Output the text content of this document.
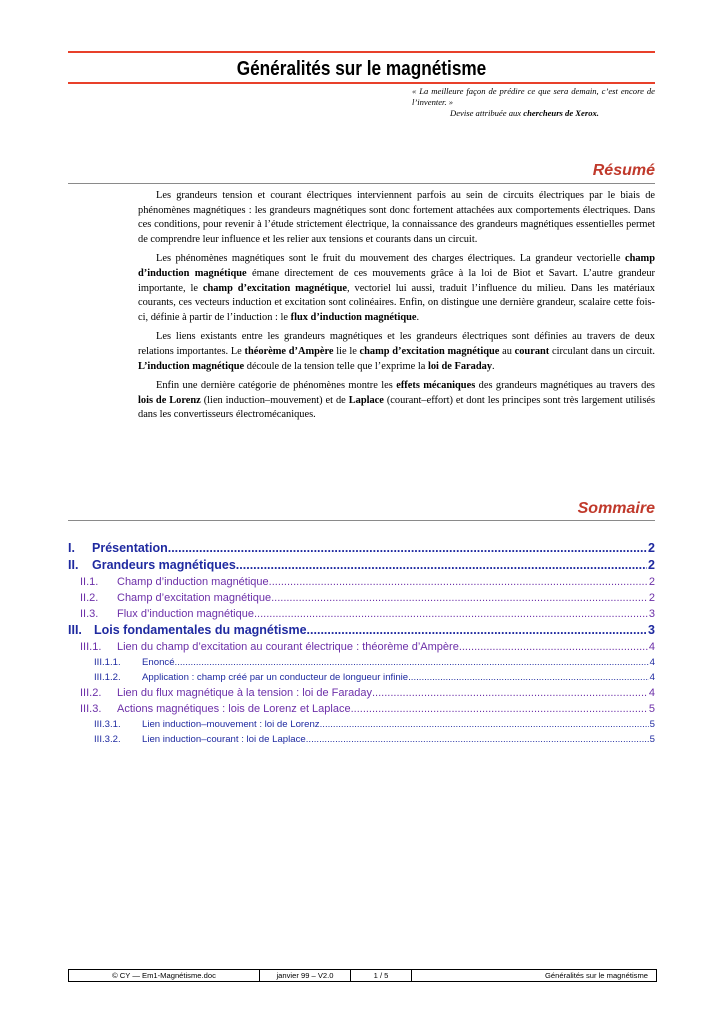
Généralités sur le magnétisme
« La meilleure façon de prédire ce que sera demain, c’est encore de l’inventer. »
Devise attribuée aux chercheurs de Xerox.
Résumé

Les grandeurs tension et courant électriques interviennent parfois au sein de circuits électriques par le biais de phénomènes magnétiques : les grandeurs magnétiques sont donc fortement attachées aux comportements électriques. Dans ces conditions, pour revenir à l’étude strictement électrique, la connaissance des grandeurs magnétiques essentielles permet de comprendre leur influence et les relier aux tensions et courants dans un circuit.

Les phénomènes magnétiques sont le fruit du mouvement des charges électriques. La grandeur vectorielle champ d’induction magnétique émane directement de ces mouvements grâce à la loi de Biot et Savart. L’autre grandeur importante, le champ d’excitation magnétique, vectoriel lui aussi, traduit l’influence du milieu. Dans les matériaux courants, ces vecteurs induction et excitation sont colinéaires. Enfin, on distingue une dernière grandeur, scalaire cette fois-ci, définie à partir de l’induction : le flux d’induction magnétique.

Les liens existants entre les grandeurs magnétiques et les grandeurs électriques sont définies au travers de deux relations importantes. Le théorème d’Ampère lie le champ d’excitation magnétique au courant circulant dans un circuit. L’induction magnétique découle de la tension telle que l’exprime la loi de Faraday.

Enfin une dernière catégorie de phénomènes montre les effets mécaniques des grandeurs magnétiques au travers des lois de Lorenz (lien induction–mouvement) et de Laplace (courant–effort) et dont les principes sont très largement utilisés dans les convertisseurs électromécaniques.

Sommaire
I.	Présentation .....	2
II.	Grandeurs magnétiques .....	2
II.1.	Champ d’induction magnétique .....	2
II.2.	Champ d’excitation magnétique .....	2
II.3.	Flux d’induction magnétique .....	3
III. Lois fondamentales du magnétisme .....	3
III.1.	Lien du champ d’excitation au courant électrique : théorème d’Ampère .....	4
III.1.1.	Enoncé .....	4
III.1.2.	Application : champ créé par un conducteur de longueur infinie .....	4
III.2.	Lien du flux magnétique à la tension : loi de Faraday .....	4
III.3.	Actions magnétiques : lois de Lorenz et Laplace .....	5
III.3.1.	Lien induction–mouvement : loi de Lorenz .....	5
III.3.2.	Lien induction–courant : loi de Laplace .....	5
© CY — Em1-Magnétisme.doc	janvier 99 – V2.0	1 / 5	Généralités sur le magnétisme
